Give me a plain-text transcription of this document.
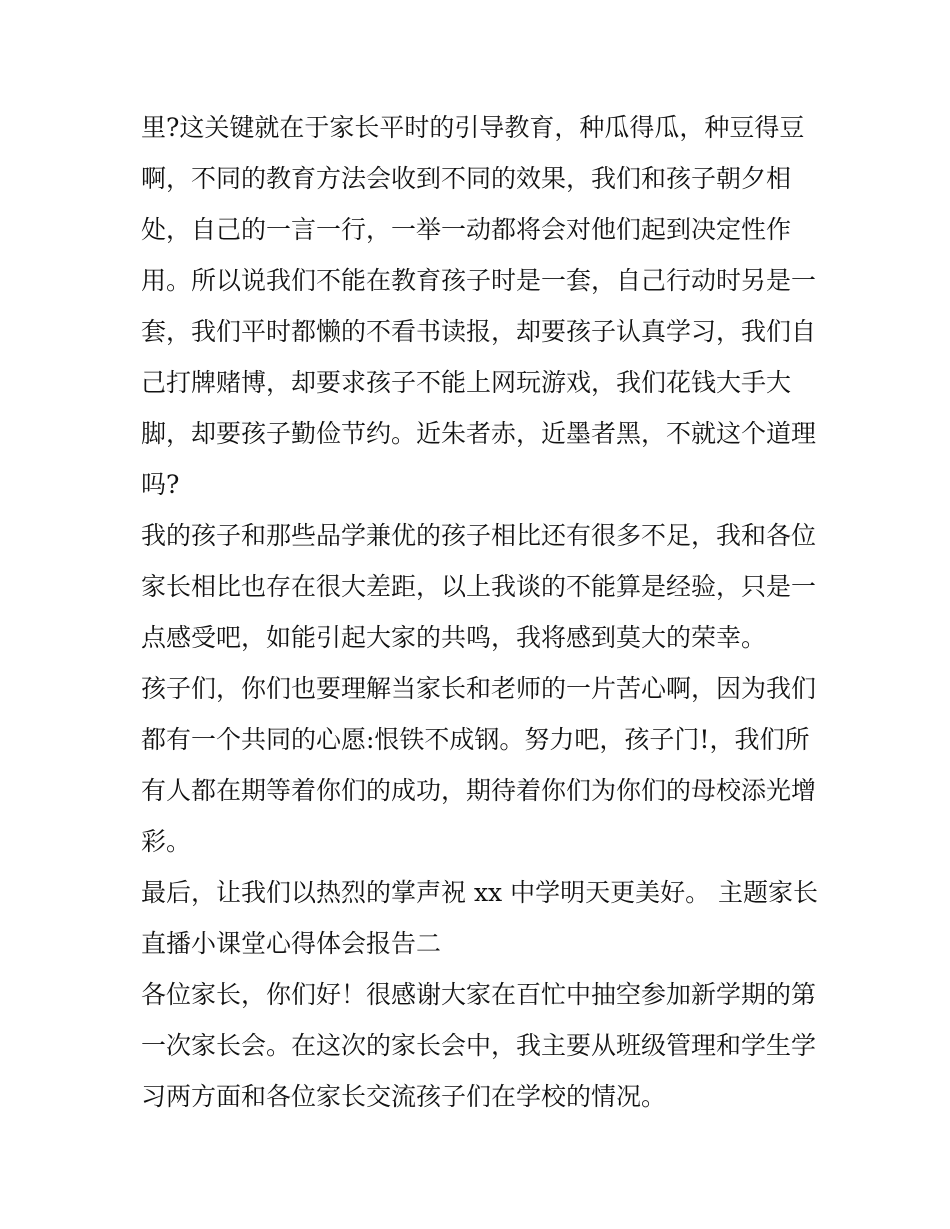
里?这关键就在于家长平时的引导教育，种瓜得瓜，种豆得豆
啊，不同的教育方法会收到不同的效果，我们和孩子朝夕相
处，自己的一言一行，一举一动都将会对他们起到决定性作
用。所以说我们不能在教育孩子时是一套，自己行动时另是一
套，我们平时都懒的不看书读报，却要孩子认真学习，我们自
己打牌赌博，却要求孩子不能上网玩游戏，我们花钱大手大
脚，却要孩子勤俭节约。近朱者赤，近墨者黑，不就这个道理
吗?
我的孩子和那些品学兼优的孩子相比还有很多不足，我和各位
家长相比也存在很大差距，以上我谈的不能算是经验，只是一
点感受吧，如能引起大家的共鸣，我将感到莫大的荣幸。
孩子们，你们也要理解当家长和老师的一片苦心啊，因为我们
都有一个共同的心愿:恨铁不成钢。努力吧，孩子门!，我们所
有人都在期等着你们的成功，期待着你们为你们的母校添光增
彩。
最后，让我们以热烈的掌声祝 xx 中学明天更美好。 主题家长
直播小课堂心得体会报告二
各位家长，你们好！很感谢大家在百忙中抽空参加新学期的第
一次家长会。在这次的家长会中，我主要从班级管理和学生学
习两方面和各位家长交流孩子们在学校的情况。
